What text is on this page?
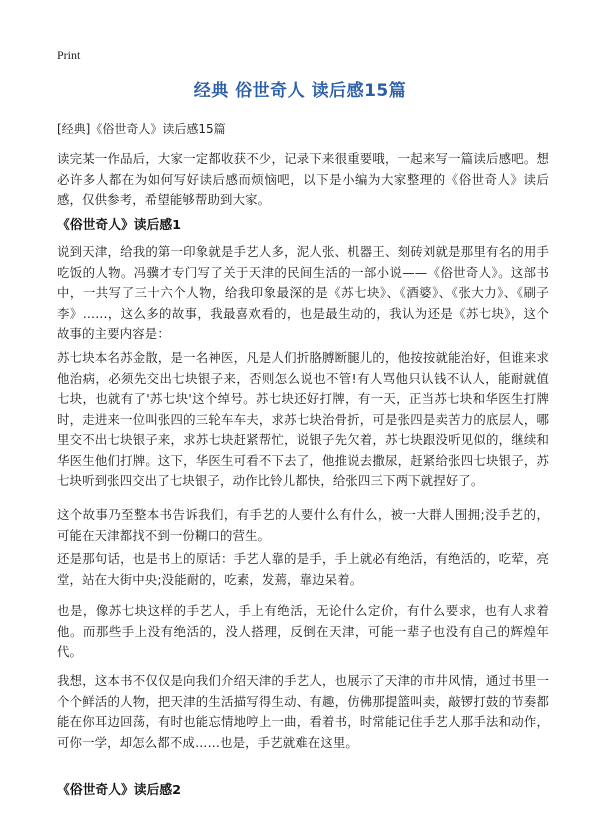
Print
经典 俗世奇人 读后感15篇
[经典]《俗世奇人》读后感15篇

读完某一作品后，大家一定都收获不少，记录下来很重要哦，一起来写一篇读后感吧。想必许多人都在为如何写好读后感而烦恼吧，以下是小编为大家整理的《俗世奇人》读后感，仅供参考，希望能够帮助到大家。

《俗世奇人》读后感1

说到天津，给我的第一印象就是手艺人多，泥人张、机器王、刻砖刘就是那里有名的用手吃饭的人物。冯骥才专门写了关于天津的民间生活的一部小说——《俗世奇人》。这部书中，一共写了三十六个人物，给我印象最深的是《苏七块》、《酒婆》、《张大力》、《刷子李》……，这么多的故事，我最喜欢看的，也是最生动的，我认为还是《苏七块》，这个故事的主要内容是：

苏七块本名苏金散，是一名神医，凡是人们折胳膊断腿儿的，他按按就能治好，但谁来求他治病，必须先交出七块银子来，否则怎么说也不管!有人骂他只认钱不认人，能耐就值七块，也就有了'苏七块'这个绰号。苏七块还好打牌，有一天，正当苏七块和华医生打牌时，走进来一位叫张四的三轮车车夫，求苏七块治骨折，可是张四是卖苦力的底层人，哪里交不出七块银子来，求苏七块赶紧帮忙，说银子先欠着，苏七块跟没听见似的，继续和华医生他们打牌。这下，华医生可看不下去了，他推说去撒尿，赶紧给张四七块银子，苏七块听到张四交出了七块银子，动作比铃儿都快，给张四三下两下就捏好了。

这个故事乃至整本书告诉我们，有手艺的人要什么有什么，被一大群人围拥;没手艺的，可能在天津都找不到一份糊口的营生。

还是那句话，也是书上的原话：手艺人靠的是手，手上就必有绝活，有绝活的，吃荤，亮堂，站在大街中央;没能耐的，吃素，发蔫，靠边呆着。

也是，像苏七块这样的手艺人，手上有绝活，无论什么定价，有什么要求，也有人求着他。而那些手上没有绝活的，没人搭理，反倒在天津，可能一辈子也没有自己的辉煌年代。

我想，这本书不仅仅是向我们介绍天津的手艺人，也展示了天津的市井风情，通过书里一个个鲜活的人物，把天津的生活描写得生动、有趣，仿佛那提篮叫卖，敲锣打鼓的节奏都能在你耳边回荡，有时也能忘情地哼上一曲，看着书，时常能记住手艺人那手法和动作，可你一学，却怎么都不成……也是，手艺就难在这里。

《俗世奇人》读后感2
